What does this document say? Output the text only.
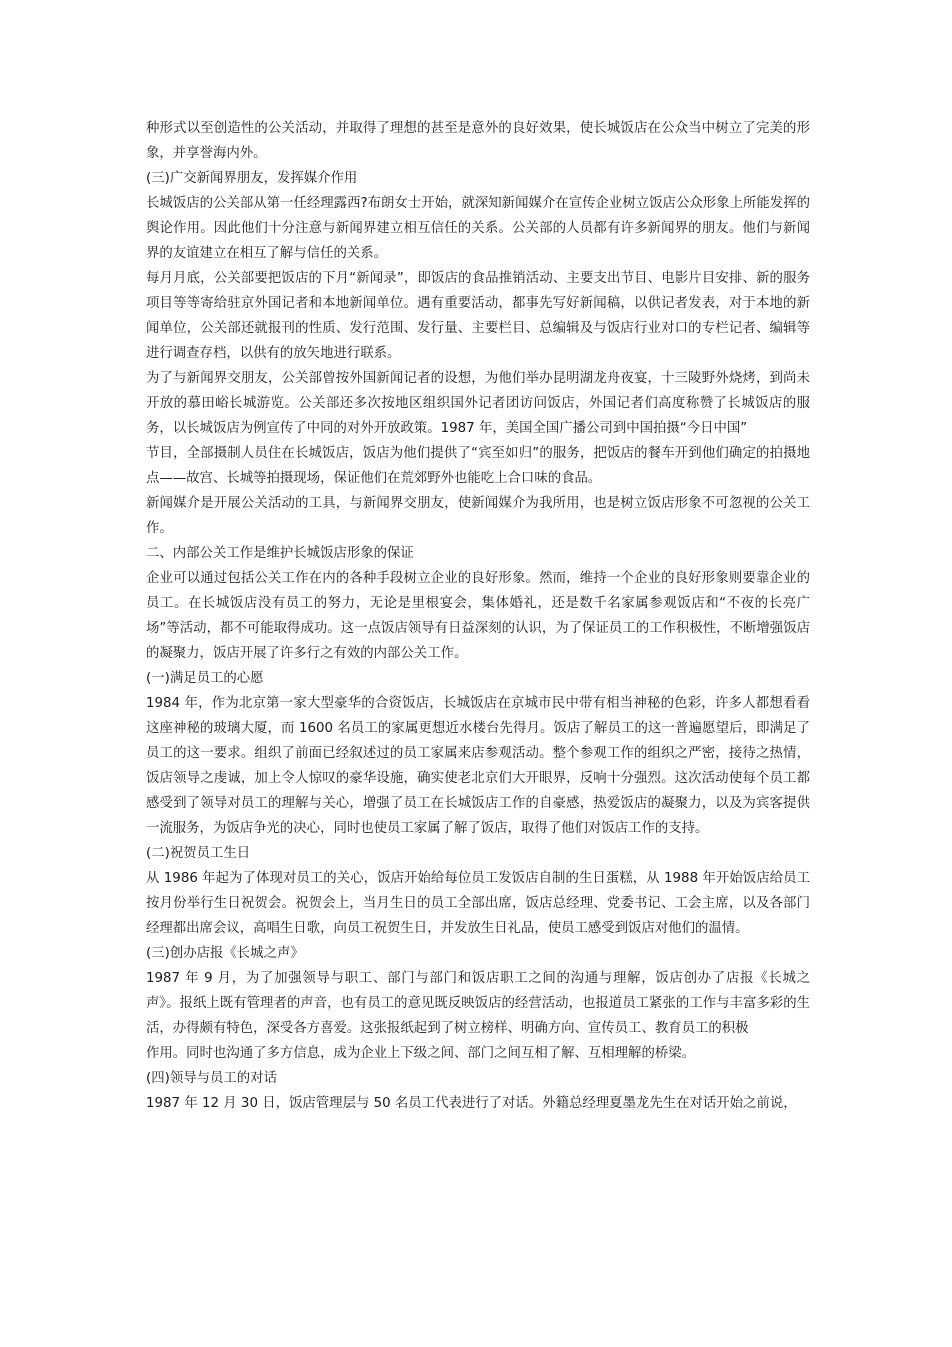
种形式以至创造性的公关活动，并取得了理想的甚至是意外的良好效果，使长城饭店在公众当中树立了完美的形象，并享誉海内外。

(三)广交新闻界朋友，发挥媒介作用

长城饭店的公关部从第一任经理露西?布朗女士开始，就深知新闻媒介在宣传企业树立饭店公众形象上所能发挥的舆论作用。因此他们十分注意与新闻界建立相互信任的关系。公关部的人员都有许多新闻界的朋友。他们与新闻界的友谊建立在相互了解与信任的关系。

每月月底，公关部要把饭店的下月“新闻录”，即饭店的食品推销活动、主要支出节目、电影片目安排、新的服务项目等等寄给驻京外国记者和本地新闻单位。遇有重要活动，都事先写好新闻稿，以供记者发表，对于本地的新闻单位，公关部还就报刊的性质、发行范围、发行量、主要栏目、总编辑及与饭店行业对口的专栏记者、编辑等进行调查存档，以供有的放矢地进行联系。

为了与新闻界交朋友，公关部曾按外国新闻记者的设想，为他们举办昆明湖龙舟夜宴，十三陵野外烧烤，到尚未开放的慕田峪长城游览。公关部还多次按地区组织国外记者团访问饭店，外国记者们高度称赞了长城饭店的服务，以长城饭店为例宣传了中同的对外开放政策。1987 年，美国全国广播公司到中国拍摄“今日中国”

节目，全部摄制人员住在长城饭店，饭店为他们提供了“宾至如归”的服务，把饭店的餐车开到他们确定的拍摄地点——故宫、长城等拍摄现场，保证他们在荒郊野外也能吃上合口味的食品。

新闻媒介是开展公关活动的工具，与新闻界交朋友，使新闻媒介为我所用，也是树立饭店形象不可忽视的公关工作。

二、内部公关工作是维护长城饭店形象的保证

企业可以通过包括公关工作在内的各种手段树立企业的良好形象。然而，维持一个企业的良好形象则要靠企业的员工。在长城饭店没有员工的努力，无论是里根宴会，集体婚礼，还是数千名家属参观饭店和“不夜的长亮广场”等活动，都不可能取得成功。这一点饭店领导有日益深刻的认识，为了保证员工的工作积极性，不断增强饭店的凝聚力，饭店开展了许多行之有效的内部公关工作。

(一)满足员工的心愿

1984 年，作为北京第一家大型豪华的合资饭店，长城饭店在京城市民中带有相当神秘的色彩，许多人都想看看这座神秘的玻璃大厦，而 1600 名员工的家属更想近水楼台先得月。饭店了解员工的这一普遍愿望后，即满足了员工的这一要求。组织了前面已经叙述过的员工家属来店参观活动。整个参观工作的组织之严密，接待之热情，饭店领导之虔诚，加上令人惊叹的豪华设施，确实使老北京们大开眼界，反响十分强烈。这次活动使每个员工都感受到了领导对员工的理解与关心，增强了员工在长城饭店工作的自豪感，热爱饭店的凝聚力，以及为宾客提供一流服务，为饭店争光的决心，同时也使员工家属了解了饭店，取得了他们对饭店工作的支持。

(二)祝贺员工生日

从 1986 年起为了体现对员工的关心，饭店开始给每位员工发饭店自制的生日蛋糕，从 1988 年开始饭店给员工按月份举行生日祝贺会。祝贺会上，当月生日的员工全部出席，饭店总经理、党委书记、工会主席，以及各部门经理都出席会议，高唱生日歌，向员工祝贺生日，并发放生日礼品，使员工感受到饭店对他们的温情。

(三)创办店报《长城之声》

1987 年 9 月，为了加强领导与职工、部门与部门和饭店职工之间的沟通与理解，饭店创办了店报《长城之声》。报纸上既有管理者的声音，也有员工的意见既反映饭店的经营活动，也报道员工紧张的工作与丰富多彩的生活，办得颇有特色，深受各方喜爱。这张报纸起到了树立榜样、明确方向、宣传员工、教育员工的积极

作用。同时也沟通了多方信息，成为企业上下级之间、部门之间互相了解、互相理解的桥梁。

(四)领导与员工的对话

1987 年 12 月 30 日，饭店管理层与 50 名员工代表进行了对话。外籍总经理夏墨龙先生在对话开始之前说，
